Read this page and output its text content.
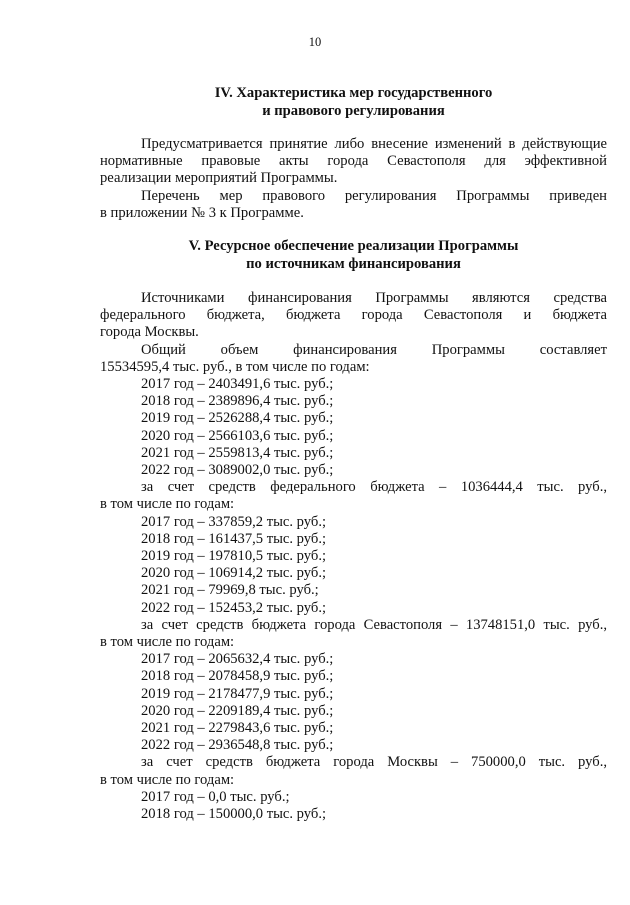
10
IV. Характеристика мер государственного
и правового регулирования
Предусматривается принятие либо внесение изменений в действующие
нормативные правовые акты города Севастополя для эффективной
реализации мероприятий Программы.
Перечень мер правового регулирования Программы приведен
в приложении № 3 к Программе.
V. Ресурсное обеспечение реализации Программы
по источникам финансирования
Источниками финансирования Программы являются средства
федерального бюджета, бюджета города Севастополя и бюджета
города Москвы.
Общий объем финансирования Программы составляет
15534595,4 тыс. руб., в том числе по годам:
2017 год – 2403491,6 тыс. руб.;
2018 год – 2389896,4 тыс. руб.;
2019 год – 2526288,4 тыс. руб.;
2020 год – 2566103,6 тыс. руб.;
2021 год – 2559813,4 тыс. руб.;
2022 год – 3089002,0 тыс. руб.;
за счет средств федерального бюджета – 1036444,4 тыс. руб.,
в том числе по годам:
2017 год – 337859,2 тыс. руб.;
2018 год – 161437,5 тыс. руб.;
2019 год – 197810,5 тыс. руб.;
2020 год – 106914,2 тыс. руб.;
2021 год – 79969,8 тыс. руб.;
2022 год – 152453,2 тыс. руб.;
за счет средств бюджета города Севастополя – 13748151,0 тыс. руб.,
в том числе по годам:
2017 год – 2065632,4 тыс. руб.;
2018 год – 2078458,9 тыс. руб.;
2019 год – 2178477,9 тыс. руб.;
2020 год – 2209189,4 тыс. руб.;
2021 год – 2279843,6 тыс. руб.;
2022 год – 2936548,8 тыс. руб.;
за счет средств бюджета города Москвы – 750000,0 тыс. руб.,
в том числе по годам:
2017 год – 0,0 тыс. руб.;
2018 год – 150000,0 тыс. руб.;
